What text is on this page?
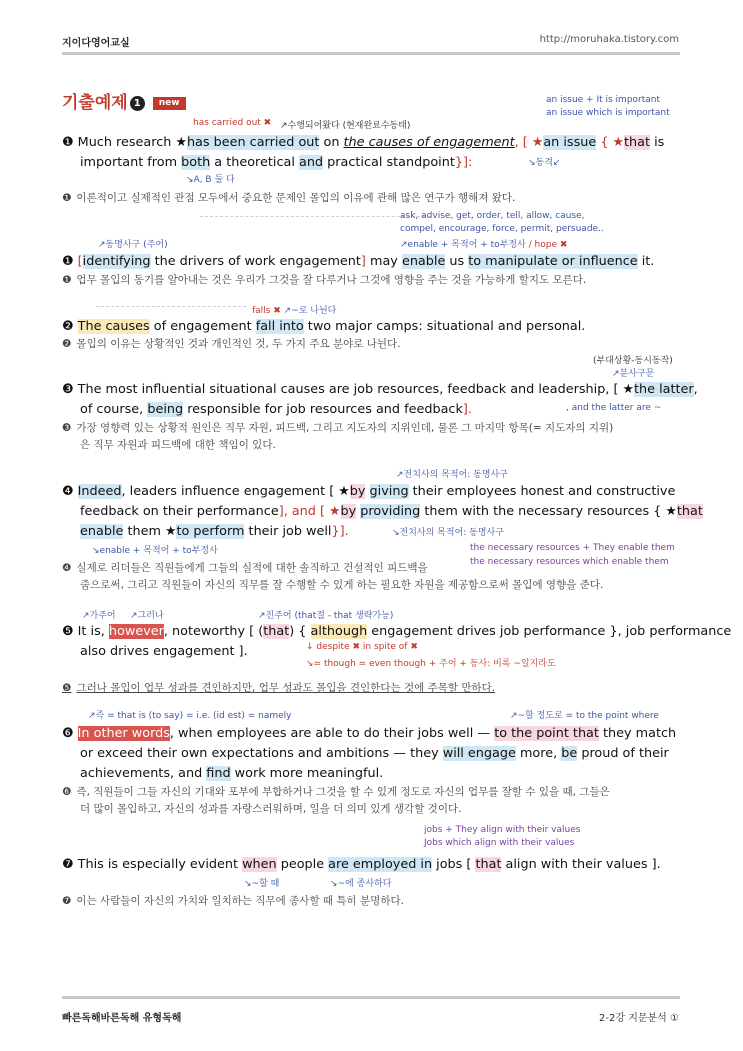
지이다영어교실	http://moruhaka.tistory.com
기출예제 1 new	an issue + It is important
an issue which is important
has carried out ✖ ↗수행되어왔다 (현재완료수동태)
❶ Much research ★has been carried out on the causes of engagement, [ ★an issue { ★that is
important from both a theoretical and practical standpoint}]:	↘동격↙
↘A, B 둘 다
❶ 이론적이고 실제적인 관점 모두에서 중요한 문제인 몰입의 이유에 관해 많은 연구가 행해져 왔다.
ask, advise, get, order, tell, allow, cause,
compel, encourage, force, permit, persuade..
↗동명사구 (주어)	↗enable + 목적어 + to부정사 / hope ✖
❶ [identifying the drivers of work engagement] may enable us to manipulate or influence it.
❶ 업무 몰입의 동기를 알아내는 것은 우리가 그것을 잘 다루거나 그것에 영향을 주는 것을 가능하게 할지도 모른다.
falls ✖ ↗~로 나뉜다
❷ The causes of engagement fall into two major camps: situational and personal.
❷ 몰입의 이유는 상황적인 것과 개인적인 것, 두 가지 주요 분야로 나뉜다.
(부대상황-동시동작)
↗분사구문
❸ The most influential situational causes are job resources, feedback and leadership, [ ★the latter,
of course, being responsible for job resources and feedback].	, and the latter are ~
❸ 가장 영향력 있는 상황적 원인은 직무 자원, 피드백, 그리고 지도자의 지위인데, 물론 그 마지막 항목(= 지도자의 지위)
은 직무 자원과 피드백에 대한 책임이 있다.
↗전치사의 목적어: 동명사구
❹ Indeed, leaders influence engagement [ ★by giving their employees honest and constructive
feedback on their performance], and [ ★by providing them with the necessary resources { ★that
enable them ★to perform their job well}].	↘전치사의 목적어: 동명사구
↘enable + 목적어 + to부정사	the necessary resources + They enable them
the necessary resources which enable them
❹ 실제로 리더들은 직원들에게 그들의 실적에 대한 솔직하고 건설적인 피드백을
줌으로써, 그리고 직원들이 자신의 직무를 잘 수행할 수 있게 하는 필요한 자원을 제공함으로써 몰입에 영향을 준다.
↗가주어 ↗그러나	↗진주어 (that절 - that 생략가능)
❺ It is, however, noteworthy [ (that) { although engagement drives job performance }, job performance
↓ despite ✖ in spite of ✖
also drives engagement ].
↘= though = even though + 주어 + 동사: 비록 ~일지라도
❺ 그러나 몰입이 업무 성과를 견인하지만, 업무 성과도 몰입을 견인한다는 것에 주목할 만하다.
↗즉 = that is (to say) = i.e. (id est) = namely	↗~할 정도로 = to the point where
❻ In other words, when employees are able to do their jobs well — to the point that they match
or exceed their own expectations and ambitions — they will engage more, be proud of their
achievements, and find work more meaningful.
❻ 즉, 직원들이 그들 자신의 기대와 포부에 부합하거나 그것을 할 수 있게 정도로 자신의 업무를 잘할 수 있을 때, 그들은
더 많이 몰입하고, 자신의 성과를 자랑스러워하며, 일을 더 의미 있게 생각할 것이다.
jobs + They align with their values
Jobs which align with their values
❼ This is especially evident when people are employed in jobs [ that align with their values ].
↘~할 때	↘~에 종사하다
❼ 이는 사람들이 자신의 가치와 일치하는 직무에 종사할 때 특히 분명하다.
빠른독해바른독해 유형독해	2-2강 지문분석 ①
